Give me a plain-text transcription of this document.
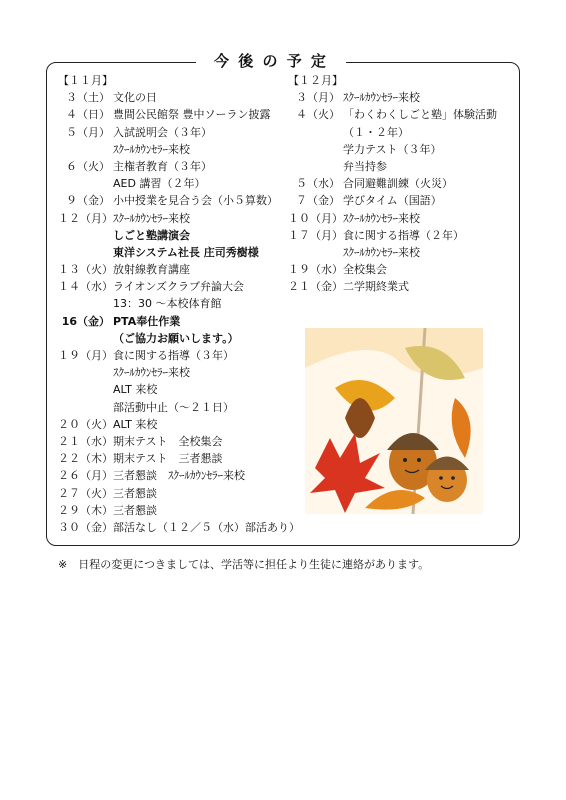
今 後 の 予 定
【１１月】
３（土） 文化の日
４（日） 豊間公民館祭 豊中ソーラン披露
５（月） 入試説明会（３年）
ｽｸｰﾙｶｳﾝｾﾗｰ来校
６（火） 主権者教育（３年）
AED 講習（２年）
９（金） 小中授業を見合う会（小５算数）
１２（月）ｽｸｰﾙｶｳﾝｾﾗｰ来校
しごと塾講演会
東洋システム社長 庄司秀樹様
１３（火）放射線教育講座
１４（水）ライオンズクラブ弁論大会
13：30 ～本校体育館
16（金） PTA奉仕作業
（ご協力お願いします。）
１９（月）食に関する指導（３年）
ｽｸｰﾙｶｳﾝｾﾗｰ来校
ALT 来校
部活動中止（～２１日）
２０（火）ALT 来校
２１（水）期末テスト　全校集会
２２（木）期末テスト　三者懇談
２６（月）三者懇談　ｽｸｰﾙｶｳﾝｾﾗｰ来校
２７（火）三者懇談
２９（木）三者懇談
３０（金）部活なし（１２／５（水）部活あり）
【１２月】
３（月） ｽｸｰﾙｶｳﾝｾﾗｰ来校
４（火） 「わくわくしごと塾」体験活動
（１・２年）
学力テスト（３年）
弁当持参
５（水） 合同避難訓練（火災）
７（金） 学びタイム（国語）
１０（月）ｽｸｰﾙｶｳﾝｾﾗｰ来校
１７（月）食に関する指導（２年）
ｽｸｰﾙｶｳﾝｾﾗｰ来校
１９（水）全校集会
２１（金）二学期終業式
※　日程の変更につきましては、学活等に担任より生徒に連絡があります。
